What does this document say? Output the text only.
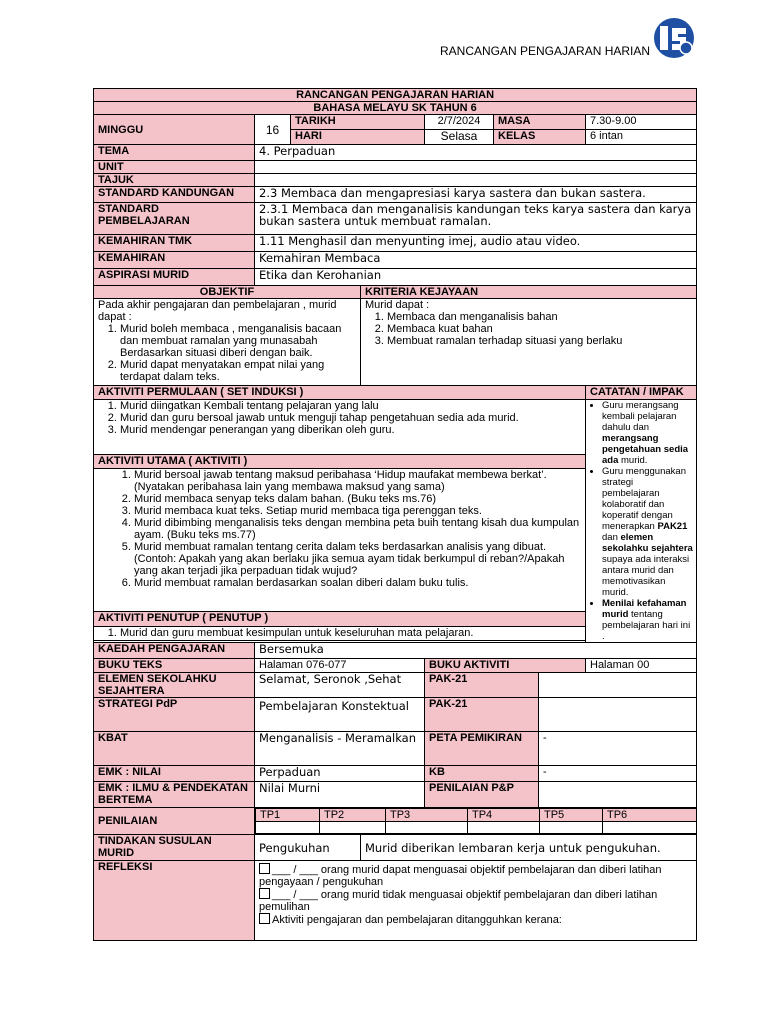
RANCANGAN PENGAJARAN HARIAN
RANCANGAN PENGAJARAN HARIAN
BAHASA MELAYU SK TAHUN 6
MINGGU	16	TARIKH	2/7/2024	MASA	7.30-9.00
HARI	Selasa	KELAS	6 intan
TEMA	4. Perpaduan
UNIT	
TAJUK	
STANDARD KANDUNGAN	2.3 Membaca dan mengapresiasi karya sastera dan bukan sastera.
STANDARD PEMBELAJARAN	2.3.1 Membaca dan menganalisis kandungan teks karya sastera dan karya bukan sastera untuk membuat ramalan.
KEMAHIRAN TMK	1.11 Menghasil dan menyunting imej, audio atau video.
KEMAHIRAN	Kemahiran Membaca
ASPIRASI MURID	Etika dan Kerohanian
OBJEKTIF	KRITERIA KEJAYAAN

Pada akhir pengajaran dan pembelajaran , murid dapat :
1. Murid boleh membaca , menganalisis bacaan dan membuat ramalan yang munasabah Berdasarkan situasi diberi dengan baik.
2. Murid dapat menyatakan empat nilai yang terdapat dalam teks.

Murid dapat :
1. Membaca dan menganalisis bahan
2. Membaca kuat bahan
3. Membuat ramalan terhadap situasi yang berlaku

AKTIVITI PERMULAAN ( SET INDUKSI )	CATATAN / IMPAK
• Guru merangsang kembali pelajaran dahulu dan merangsang pengetahuan sedia ada murid.
• Guru menggunakan strategi pembelajaran kolaboratif dan koperatif dengan menerapkan PAK21 dan elemen sekolahku sejahtera supaya ada interaksi antara murid dan memotivasikan murid.
• Menilai kefahaman murid tentang pembelajaran hari ini
.

1. Murid diingatkan Kembali tentang pelajaran yang lalu
2. Murid dan guru bersoal jawab untuk menguji tahap pengetahuan sedia ada murid.
3. Murid mendengar penerangan yang diberikan oleh guru.

AKTIVITI UTAMA ( AKTIVITI )

1. Murid bersoal jawab tentang maksud peribahasa ‘Hidup maufakat membewa berkat’. (Nyatakan peribahasa lain yang membawa maksud yang sama)
2. Murid membaca senyap teks dalam bahan. (Buku teks ms.76)
3. Murid membaca kuat teks. Setiap murid membaca tiga perenggan teks.
4. Murid dibimbing menganalisis teks dengan membina peta buih tentang kisah dua kumpulan ayam. (Buku teks ms.77)
5. Murid membuat ramalan tentang cerita dalam teks berdasarkan analisis yang dibuat. (Contoh: Apakah yang akan berlaku jika semua ayam tidak berkumpul di reban?/Apakah yang akan terjadi jika perpaduan tidak wujud?
6. Murid membuat ramalan berdasarkan soalan diberi dalam buku tulis.

AKTIVITI PENUTUP ( PENUTUP )

1. Murid dan guru membuat kesimpulan untuk keseluruhan mata pelajaran.

KAEDAH PENGAJARAN	Bersemuka
BUKU TEKS	Halaman 076-077	BUKU AKTIVITI	Halaman 00
ELEMEN SEKOLAHKU SEJAHTERA	Selamat, Seronok ,Sehat	PAK-21	
STRATEGI PdP	Pembelajaran Konstektual	PAK-21	
KBAT	Menganalisis - Meramalkan	PETA PEMIKIRAN	-
EMK : NILAI	Perpaduan	KB	-
EMK : ILMU & PENDEKATAN BERTEMA	Nilai Murni	PENILAIAN P&P	
PENILAIAN		TP1	TP2	TP3	TP4	TP5	TP6

TINDAKAN SUSULAN MURID	Pengukuhan	Murid diberikan lembaran kerja untuk pengukuhan.
REFLEKSI	___ / ___ orang murid dapat menguasai objektif pembelajaran dan diberi latihan pengayaan / pengukuhan
___ / ___ orang murid tidak menguasai objektif pembelajaran dan diberi latihan pemulihan
Aktiviti pengajaran dan pembelajaran ditangguhkan kerana:
